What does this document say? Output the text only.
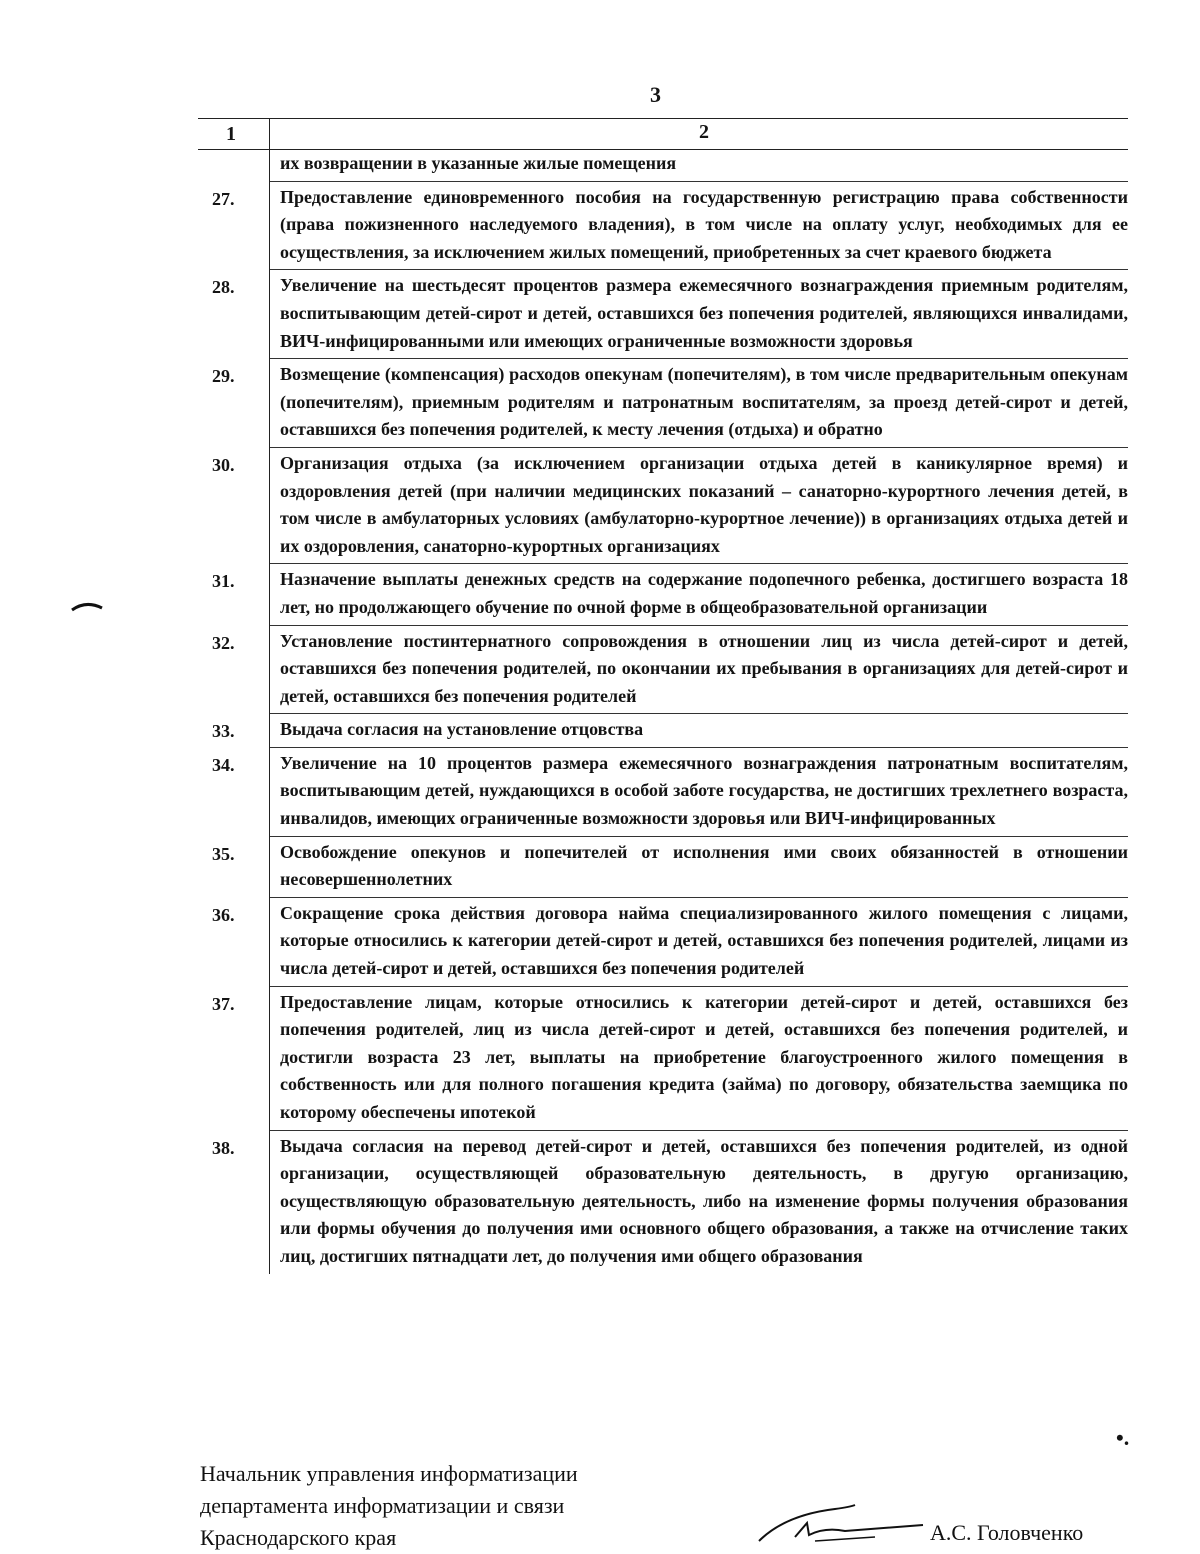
3
1	2
их возвращении в указанные жилые помещения
27.	Предоставление единовременного пособия на государственную регистрацию права собственности (права пожизненного наследуемого владения), в том числе на оплату услуг, необходимых для ее осуществления, за исключением жилых помещений, приобретенных за счет краевого бюджета
28.	Увеличение на шестьдесят процентов размера ежемесячного вознаграждения приемным родителям, воспитывающим детей-сирот и детей, оставшихся без попечения родителей, являющихся инвалидами, ВИЧ-инфицированными или имеющих ограниченные возможности здоровья
29.	Возмещение (компенсация) расходов опекунам (попечителям), в том числе предварительным опекунам (попечителям), приемным родителям и патронатным воспитателям, за проезд детей-сирот и детей, оставшихся без попечения родителей, к месту лечения (отдыха) и обратно
30.	Организация отдыха (за исключением организации отдыха детей в каникулярное время) и оздоровления детей (при наличии медицинских показаний – санаторно-курортного лечения детей, в том числе в амбулаторных условиях (амбулаторно-курортное лечение)) в организациях отдыха детей и их оздоровления, санаторно-курортных организациях
31.	Назначение выплаты денежных средств на содержание подопечного ребенка, достигшего возраста 18 лет, но продолжающего обучение по очной форме в общеобразовательной организации
32.	Установление постинтернатного сопровождения в отношении лиц из числа детей-сирот и детей, оставшихся без попечения родителей, по окончании их пребывания в организациях для детей-сирот и детей, оставшихся без попечения родителей
33.	Выдача согласия на установление отцовства
34.	Увеличение на 10 процентов размера ежемесячного вознаграждения патронатным воспитателям, воспитывающим детей, нуждающихся в особой заботе государства, не достигших трехлетнего возраста, инвалидов, имеющих ограниченные возможности здоровья или ВИЧ-инфицированных
35.	Освобождение опекунов и попечителей от исполнения ими своих обязанностей в отношении несовершеннолетних
36.	Сокращение срока действия договора найма специализированного жилого помещения с лицами, которые относились к категории детей-сирот и детей, оставшихся без попечения родителей, лицами из числа детей-сирот и детей, оставшихся без попечения родителей
37.	Предоставление лицам, которые относились к категории детей-сирот и детей, оставшихся без попечения родителей, лиц из числа детей-сирот и детей, оставшихся без попечения родителей, и достигли возраста 23 лет, выплаты на приобретение благоустроенного жилого помещения в собственность или для полного погашения кредита (займа) по договору, обязательства заемщика по которому обеспечены ипотекой
38.	Выдача согласия на перевод детей-сирот и детей, оставшихся без попечения родителей, из одной организации, осуществляющей образовательную деятельность, в другую организацию, осуществляющую образовательную деятельность, либо на изменение формы получения образования или формы обучения до получения ими основного общего образования, а также на отчисление таких лиц, достигших пятнадцати лет, до получения ими общего образования
•.
Начальник управления информатизации
департамента информатизации и связи
Краснодарского края	А.С. Головченко
